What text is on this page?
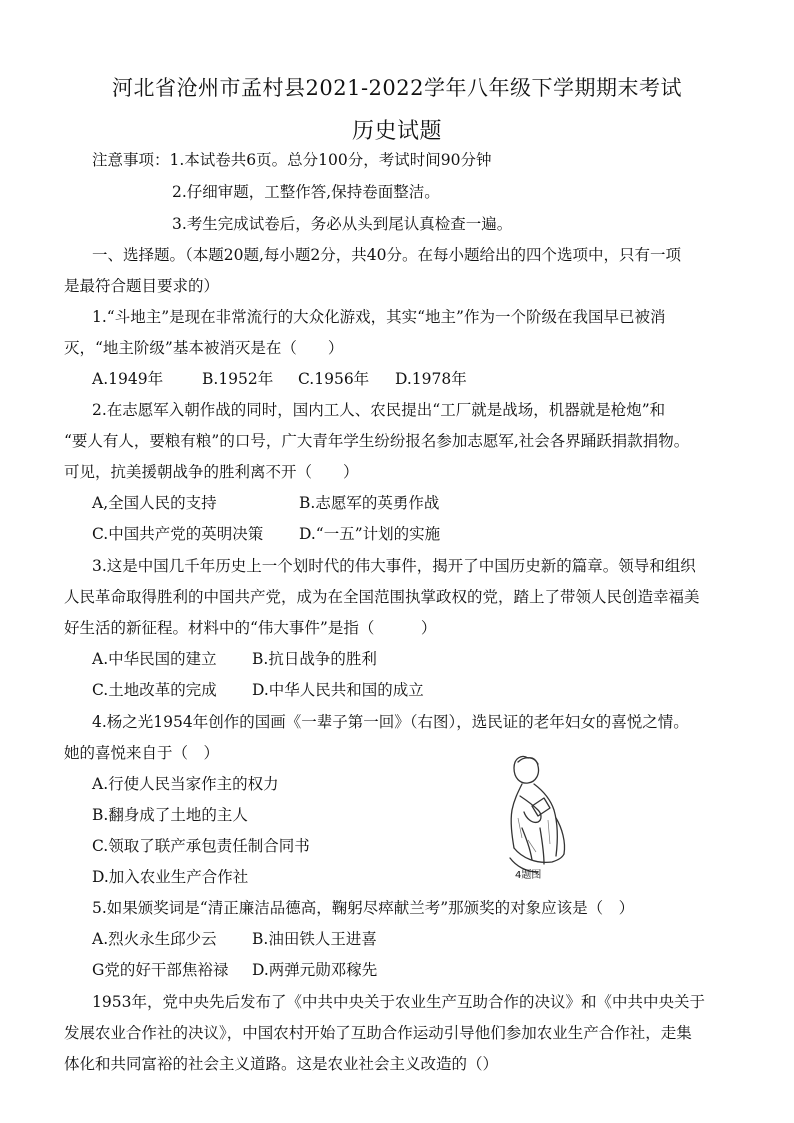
河北省沧州市孟村县2021-2022学年八年级下学期期末考试
历史试题
注意事项：1.本试卷共6页。总分100分，考试时间90分钟
2.仔细审题，工整作答,保持卷面整洁。
3.考生完成试卷后，务必从头到尾认真检查一遍。
一、选择题。（本题20题,每小题2分，共40分。在每小题给出的四个选项中，只有一项
是最符合题目要求的）
1.“斗地主”是现在非常流行的大众化游戏，其实“地主”作为一个阶级在我国早已被消
灭，“地主阶级”基本被消灭是在（　　）
A.1949年	B.1952年 C.1956年 D.1978年
2.在志愿军入朝作战的同时，国内工人、农民提出“工厂就是战场，机器就是枪炮”和
“要人有人，要粮有粮”的口号，广大青年学生纷纷报名参加志愿军,社会各界踊跃捐款捐物。
可见，抗美援朝战争的胜利离不开（　　）
A,全国人民的支持	B.志愿军的英勇作战
C.中国共产党的英明决策 D.“一五”计划的实施
3.这是中国几千年历史上一个划时代的伟大事件，揭开了中国历史新的篇章。领导和组织
人民革命取得胜利的中国共产党，成为在全国范围执掌政权的党，踏上了带领人民创造幸福美
好生活的新征程。材料中的“伟大事件”是指（　　　）
A.中华民国的建立 B.抗日战争的胜利
C.土地改革的完成 D.中华人民共和国的成立
4.杨之光1954年创作的国画《一辈子第一回》（右图），选民证的老年妇女的喜悦之情。
她的喜悦来自于（　）
A.行使人民当家作主的权力
B.翻身成了土地的主人
C.领取了联产承包责任制合同书
D.加入农业生产合作社	4题图
5.如果颁奖词是“清正廉洁品德高，鞠躬尽瘁献兰考”那颁奖的对象应该是（　）
A.烈火永生邱少云 B.油田铁人王进喜
G党的好干部焦裕禄 D.两弹元勋邓稼先
1953年，党中央先后发布了《中共中央关于农业生产互助合作的决议》和《中共中央关于
发展农业合作社的决议》，中国农村开始了互助合作运动引导他们参加农业生产合作社，走集
体化和共同富裕的社会主义道路。这是农业社会主义改造的（）
